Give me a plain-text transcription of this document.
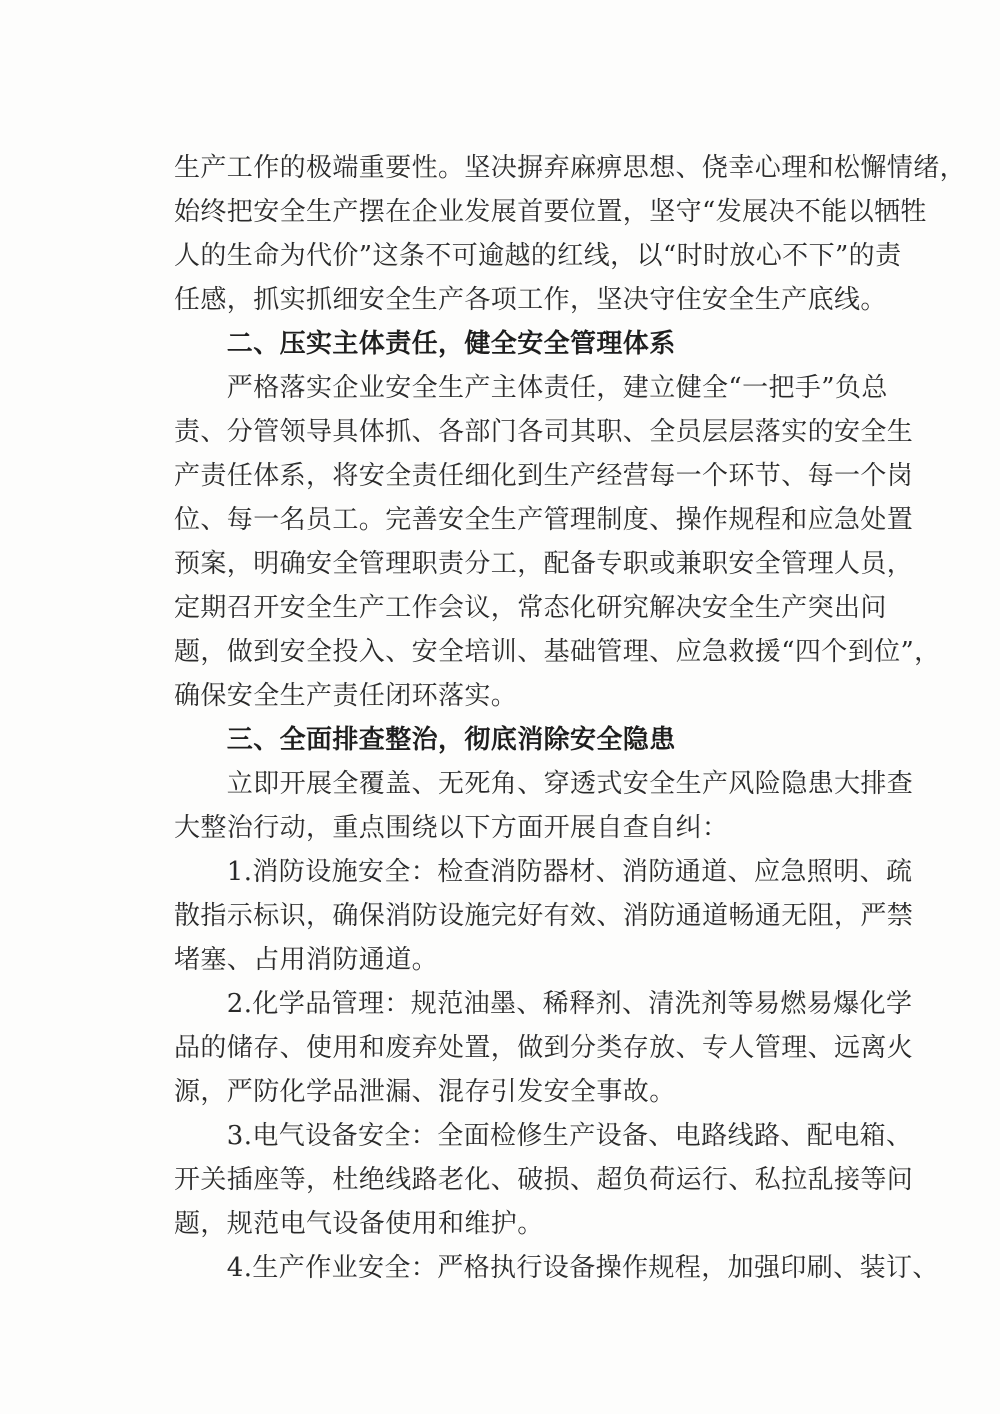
生产工作的极端重要性。坚决摒弃麻痹思想、侥幸心理和松懈情绪，
始终把安全生产摆在企业发展首要位置，坚守“发展决不能以牺牲
人的生命为代价”这条不可逾越的红线，以“时时放心不下”的责
任感，抓实抓细安全生产各项工作，坚决守住安全生产底线。
　　二、压实主体责任，健全安全管理体系
　　严格落实企业安全生产主体责任，建立健全“一把手”负总
责、分管领导具体抓、各部门各司其职、全员层层落实的安全生
产责任体系，将安全责任细化到生产经营每一个环节、每一个岗
位、每一名员工。完善安全生产管理制度、操作规程和应急处置
预案，明确安全管理职责分工，配备专职或兼职安全管理人员，
定期召开安全生产工作会议，常态化研究解决安全生产突出问
题，做到安全投入、安全培训、基础管理、应急救援“四个到位”，
确保安全生产责任闭环落实。
　　三、全面排查整治，彻底消除安全隐患
　　立即开展全覆盖、无死角、穿透式安全生产风险隐患大排查
大整治行动，重点围绕以下方面开展自查自纠：
　　1.消防设施安全：检查消防器材、消防通道、应急照明、疏
散指示标识，确保消防设施完好有效、消防通道畅通无阻，严禁
堵塞、占用消防通道。
　　2.化学品管理：规范油墨、稀释剂、清洗剂等易燃易爆化学
品的储存、使用和废弃处置，做到分类存放、专人管理、远离火
源，严防化学品泄漏、混存引发安全事故。
　　3.电气设备安全：全面检修生产设备、电路线路、配电箱、
开关插座等，杜绝线路老化、破损、超负荷运行、私拉乱接等问
题，规范电气设备使用和维护。
　　4.生产作业安全：严格执行设备操作规程，加强印刷、装订、
